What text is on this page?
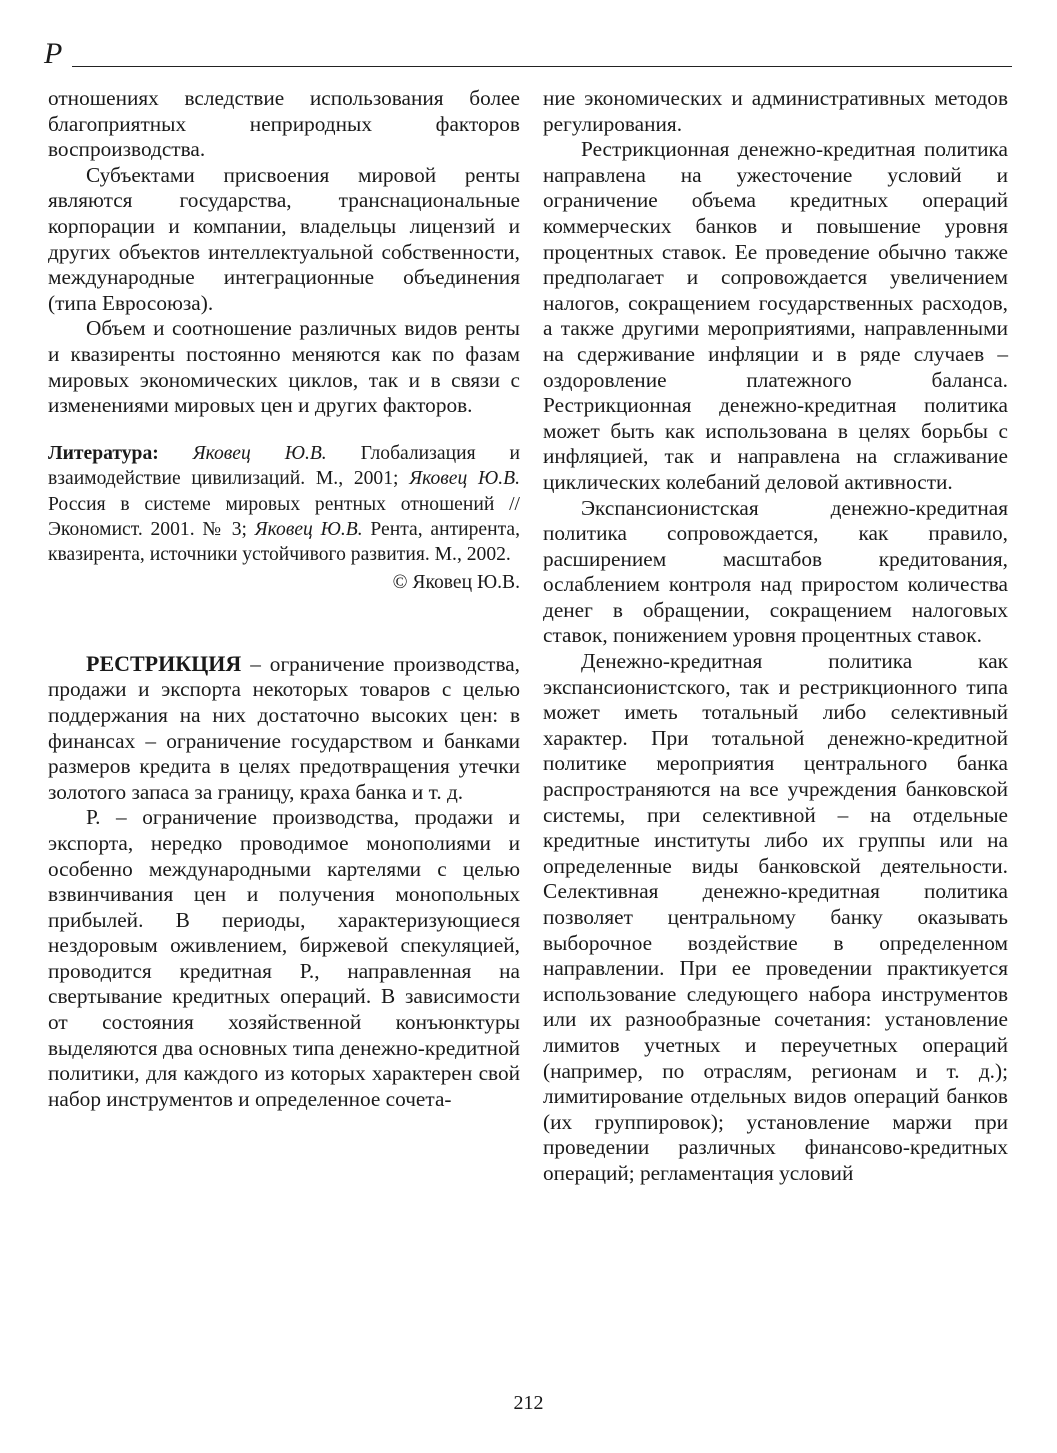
Р

отношениях вследствие использования более благоприятных неприродных факторов воспроизводства.

Субъектами присвоения мировой ренты являются государства, транснациональные корпорации и компании, владельцы лицензий и других объектов интеллектуальной собственности, международные интеграционные объединения (типа Евросоюза).

Объем и соотношение различных видов ренты и квазиренты постоянно меняются как по фазам мировых экономических циклов, так и в связи с изменениями мировых цен и других факторов.

Литература: Яковец Ю.В. Глобализация и взаимодействие цивилизаций. М., 2001; Яковец Ю.В. Россия в системе мировых рентных отношений // Экономист. 2001. № 3; Яковец Ю.В. Рента, антирента, квазирента, источники устойчивого развития. М., 2002.

© Яковец Ю.В.

РЕСТРИКЦИЯ – ограничение производства, продажи и экспорта некоторых товаров с целью поддержания на них достаточно высоких цен: в финансах – ограничение государством и банками размеров кредита в целях предотвращения утечки золотого запаса за границу, краха банка и т. д.

Р. – ограничение производства, продажи и экспорта, нередко проводимое монополиями и особенно международными картелями с целью взвинчивания цен и получения монопольных прибылей. В периоды, характеризующиеся нездоровым оживлением, биржевой спекуляцией, проводится кредитная Р., направленная на свертывание кредитных операций. В зависимости от состояния хозяйственной конъюнктуры выделяются два основных типа денежно-кредитной политики, для каждого из которых характерен свой набор инструментов и определенное сочета-

ние экономических и административных методов регулирования.

Рестрикционная денежно-кредитная политика направлена на ужесточение условий и ограничение объема кредитных операций коммерческих банков и повышение уровня процентных ставок. Ее проведение обычно также предполагает и сопровождается увеличением налогов, сокращением государственных расходов, а также другими мероприятиями, направленными на сдерживание инфляции и в ряде случаев – оздоровление платежного баланса. Рестрикционная денежно-кредитная политика может быть как использована в целях борьбы с инфляцией, так и направлена на сглаживание циклических колебаний деловой активности.

Экспансионистская денежно-кредитная политика сопровождается, как правило, расширением масштабов кредитования, ослаблением контроля над приростом количества денег в обращении, сокращением налоговых ставок, понижением уровня процентных ставок.

Денежно-кредитная политика как экспансионистского, так и рестрикционного типа может иметь тотальный либо селективный характер. При тотальной денежно-кредитной политике мероприятия центрального банка распространяются на все учреждения банковской системы, при селективной – на отдельные кредитные институты либо их группы или на определенные виды банковской деятельности. Селективная денежно-кредитная политика позволяет центральному банку оказывать выборочное воздействие в определенном направлении. При ее проведении практикуется использование следующего набора инструментов или их разнообразные сочетания: установление лимитов учетных и переучетных операций (например, по отраслям, регионам и т. д.); лимитирование отдельных видов операций банков (их группировок); установление маржи при проведении различных финансово-кредитных операций; регламентация условий

212
